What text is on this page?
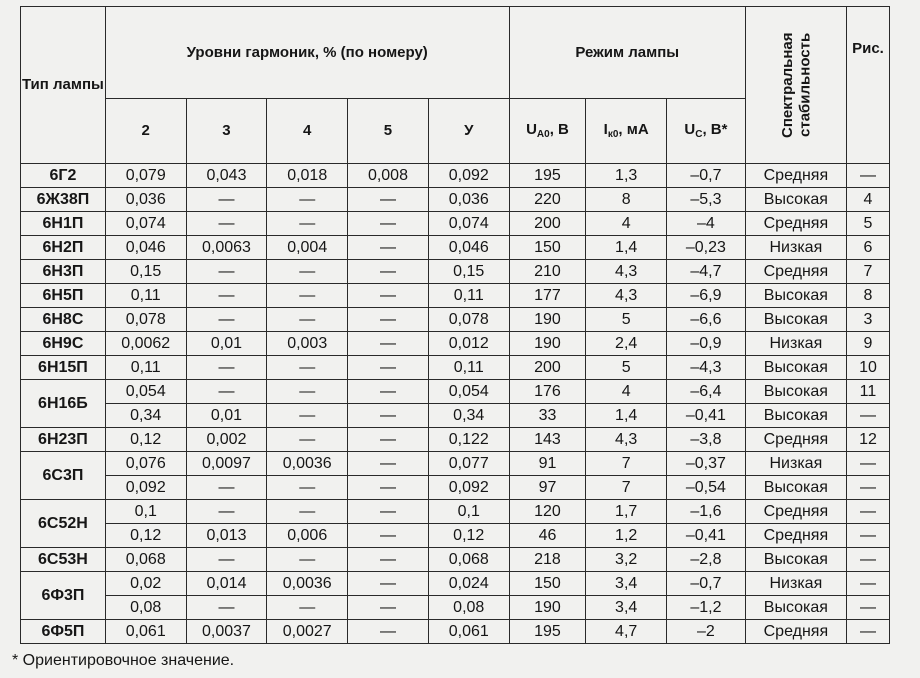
Тип лампы	Уровни гармоник, % (по номеру)					Режим лампы			Спектральная стабильность	Рис.
	2	3	4	5	У	$U_{A0}$, В	$I_{к0}$, мА	$U_C$, В*		
6Г2	0,079	0,043	0,018	0,008	0,092	195	1,3	–0,7	Средняя	—
6Ж38П	0,036	—	—	—	0,036	220	8	–5,3	Высокая	4
6Н1П	0,074	—	—	—	0,074	200	4	–4	Средняя	5
6Н2П	0,046	0,0063	0,004	—	0,046	150	1,4	–0,23	Низкая	6
6Н3П	0,15	—	—	—	0,15	210	4,3	–4,7	Средняя	7
6Н5П	0,11	—	—	—	0,11	177	4,3	–6,9	Высокая	8
6Н8С	0,078	—	—	—	0,078	190	5	–6,6	Высокая	3
6Н9С	0,0062	0,01	0,003	—	0,012	190	2,4	–0,9	Низкая	9
6Н15П	0,11	—	—	—	0,11	200	5	–4,3	Высокая	10
6Н16Б	0,054	—	—	—	0,054	176	4	–6,4	Высокая	11
	0,34	0,01	—	—	0,34	33	1,4	–0,41	Высокая	—
6Н23П	0,12	0,002	—	—	0,122	143	4,3	–3,8	Средняя	12
6С3П	0,076	0,0097	0,0036	—	0,077	91	7	–0,37	Низкая	—
	0,092	—	—	—	0,092	97	7	–0,54	Высокая	—
6С52Н	0,1	—	—	—	0,1	120	1,7	–1,6	Средняя	—
	0,12	0,013	0,006	—	0,12	46	1,2	–0,41	Средняя	—
6С53Н	0,068	—	—	—	0,068	218	3,2	–2,8	Высокая	—
6Ф3П	0,02	0,014	0,0036	—	0,024	150	3,4	–0,7	Низкая	—
	0,08	—	—	—	0,08	190	3,4	–1,2	Высокая	—
6Ф5П	0,061	0,0037	0,0027	—	0,061	195	4,7	–2	Средняя	—
* Ориентировочное значение.
